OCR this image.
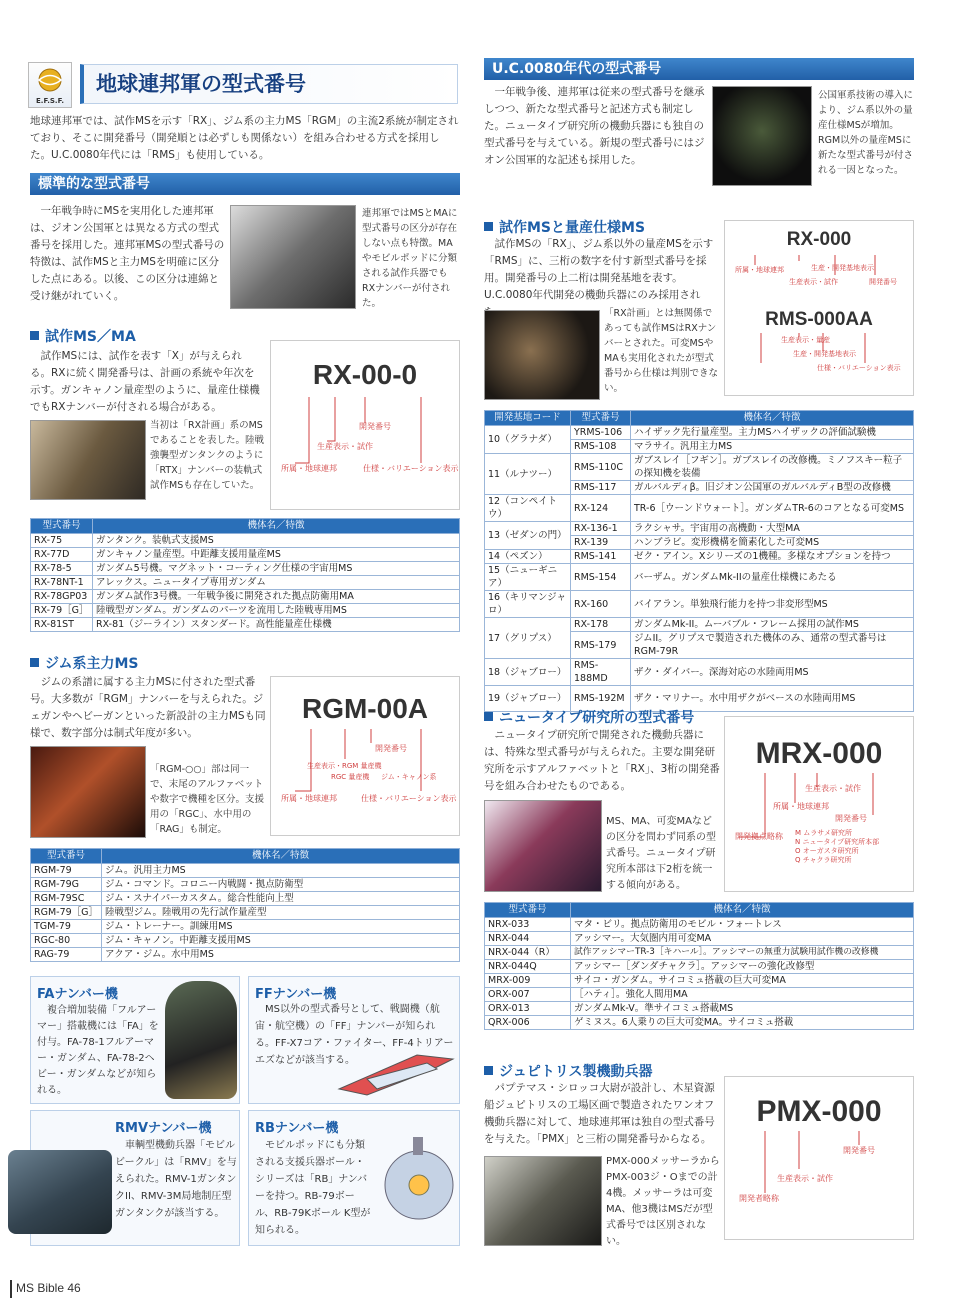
E.F.S.F.
地球連邦軍の型式番号
地球連邦軍では、試作MSを示す「RX」、ジム系の主力MS「RGM」の主流2系統が制定されており、そこに開発番号（開発順とは必ずしも関係ない）を組み合わせる方式を採用した。U.C.0080年代には「RMS」も使用している。
標準的な型式番号
一年戦争時にMSを実用化した連邦軍は、ジオン公国軍とは異なる方式の型式番号を採用した。連邦軍MSの型式番号の特徴は、試作MSと主力MSを明確に区分した点にある。以後、この区分は連綿と受け継がれていく。
連邦軍ではMSとMAに型式番号の区分が存在しない点も特徴。MAやモビルポッドに分類される試作兵器でもRXナンバーが付された。
試作MS／MA
試作MSには、試作を表す「X」が与えられる。RXに続く開発番号は、計画の系統や年次を示す。ガンキャノン量産型のように、量産仕様機でもRXナンバーが付される場合がある。
当初は「RX計画」系のMSであることを表した。陸戦強襲型ガンタンクのように「RTX」ナンバーの装軌式試作MSも存在していた。
RX-00-0
開発番号
生産表示・試作
所属・地球連邦	仕様・バリエーション表示
型式番号	機体名／特徴
RX-75	ガンタンク。装軌式支援MS
RX-77D	ガンキャノン量産型。中距離支援用量産MS
RX-78-5	ガンダム5号機。マグネット・コーティング仕様の宇宙用MS
RX-78NT-1	アレックス。ニュータイプ専用ガンダム
RX-78GP03	ガンダム試作3号機。一年戦争後に開発された拠点防衛用MA
RX-79［G］	陸戦型ガンダム。ガンダムのパーツを流用した陸戦専用MS
RX-81ST	RX-81（ジーライン）スタンダード。高性能量産仕様機
ジム系主力MS
ジムの系譜に属する主力MSに付された型式番号。大多数が「RGM」ナンバーを与えられた。ジェガンやヘビーガンといった新設計の主力MSも同様で、数字部分は制式年度が多い。
「RGM-○○」部は同一で、末尾のアルファベットや数字で機種を区分。支援用の「RGC」、水中用の「RAG」も制定。
RGM-00A
開発番号
生産表示・RGM 量産機
RGC 量産機 ジム・キャノン系
所属・地球連邦	仕様・バリエーション表示
型式番号	機体名／特徴
RGM-79	ジム。汎用主力MS
RGM-79G	ジム・コマンド。コロニー内戦闘・拠点防衛型
RGM-79SC	ジム・スナイパーカスタム。総合性能向上型
RGM-79［G］	陸戦型ジム。陸戦用の先行試作量産型
TGM-79	ジム・トレーナー。訓練用MS
RGC-80	ジム・キャノン。中距離支援用MS
RAG-79	アクア・ジム。水中用MS
FAナンバー機
複合増加装備「フルアーマー」搭載機には「FA」を付与。FA-78-1フルアーマー・ガンダム、FA-78-2ヘビー・ガンダムなどが知られる。
FFナンバー機
MS以外の型式番号として、戦闘機（航宙・航空機）の「FF」ナンバーが知られる。FF-X7コア・ファイター、FF-4トリアーエズなどが該当する。
RMVナンバー機
車輌型機動兵器「モビルビークル」は「RMV」を与えられた。RMV-1ガンタンクII、RMV-3M局地制圧型ガンタンクが該当する。
RBナンバー機
モビルポッドにも分類される支援兵器ボール・シリーズは「RB」ナンバーを持つ。RB-79ボール、RB-79Kボール K型が知られる。
U.C.0080年代の型式番号
一年戦争後、連邦軍は従来の型式番号を継承しつつ、新たな型式番号と記述方式も制定した。ニュータイプ研究所の機動兵器にも独自の型式番号を与えている。新規の型式番号にはジオン公国軍的な記述も採用した。
公国軍系技術の導入により、ジム系以外の量産仕様MSが増加。RGM以外の量産MSに新たな型式番号が付される一因となった。
試作MSと量産仕様MS
試作MSの「RX」、ジム系以外の量産MSを示す「RMS」に、三桁の数字を付す新型式番号を採用。開発番号の上二桁は開発基地を表す。U.C.0080年代開発の機動兵器にのみ採用され
「RX計画」とは無関係であっても試作MSはRXナンバーとされた。可変MSやMAも実用化されたが型式番号から仕様は判別できない。
RX-000
所属・地球連邦	生産・開発基地表示
生産表示・試作	開発番号
RMS-000AA
生産表示・量産
生産・開発基地表示
仕様・バリエーション表示
開発基地コード	型式番号	機体名／特徴
10（グラナダ）	YRMS-106	ハイザック先行量産型。主力MSハイザックの評価試験機
	RMS-108	マラサイ。汎用主力MS
11（ルナツー）	RMS-110C	ガブスレイ［フギン］。ガブスレイの改修機。ミノフスキー粒子の探知機を装備
	RMS-117	ガルバルディβ。旧ジオン公国軍のガルバルディB型の改修機
12（コンペイトウ）	RX-124	TR-6［ウーンドウォート］。ガンダムTR-6のコアとなる可変MS
13（ゼダンの門）	RX-136-1	ラクシャサ。宇宙用の高機動・大型MA
	RX-139	ハンブラビ。変形機構を簡素化した可変MS
14（ペズン）	RMS-141	ゼク・アイン。Xシリーズの1機種。多様なオプションを持つ
15（ニューギニア）	RMS-154	バーザム。ガンダムMk-IIの量産仕様機にあたる
16（キリマンジャロ）	RX-160	バイアラン。単独飛行能力を持つ非変形型MS
17（グリプス）	RX-178	ガンダムMk-II。ムーバブル・フレーム採用の試作MS
	RMS-179	ジムII。グリプスで製造された機体のみ、通常の型式番号はRGM-79R
18（ジャブロー）	RMS-188MD	ザク・ダイバー。深海対応の水陸両用MS
19（ジャブロー）	RMS-192M	ザク・マリナー。水中用ザクがベースの水陸両用MS
ニュータイプ研究所の型式番号
ニュータイプ研究所で開発された機動兵器には、特殊な型式番号が与えられた。主要な開発研究所を示すアルファベットと「RX」、3桁の開発番号を組み合わせたものである。
MS、MA、可変MAなどの区分を問わず同系の型式番号。ニュータイプ研究所本部は下2桁を統一する傾向がある。
MRX-000
生産表示・試作
所属・地球連邦
開発番号
開発拠点略称 M ムラサメ研究所
N ニュータイプ研究所本部
O オーガスタ研究所
Q チャクラ研究所
型式番号	機体名／特徴
NRX-033	マタ・ビリ。拠点防衛用のモビル・フォートレス
NRX-044	アッシマー。大気圏内用可変MA
NRX-044（R）	試作アッシマーTR-3［キハール］。アッシマーの無重力試験用試作機の改修機
NRX-044Q	アッシマー［ダンダチャクラ］。アッシマーの強化改修型
MRX-009	サイコ・ガンダム。サイコミュ搭載の巨大可変MA
ORX-007	［ハティ］。強化人間用MA
ORX-013	ガンダムMk-V。準サイコミュ搭載MS
QRX-006	ゲミヌス。6人乗りの巨大可変MA。サイコミュ搭載
ジュピトリス製機動兵器
パプテマス・シロッコ大尉が設計し、木星資源船ジュピトリスの工場区画で製造されたワンオフ機動兵器に対して、地球連邦軍は独自の型式番号を与えた。「PMX」と三桁の開発番号からなる。
PMX-000メッサーラからPMX-003ジ・Oまでの計4機。メッサーラは可変MA、他3機はMSだが型式番号では区別されない。
PMX-000
開発番号
生産表示・試作
開発者略称
MS Bible 46
